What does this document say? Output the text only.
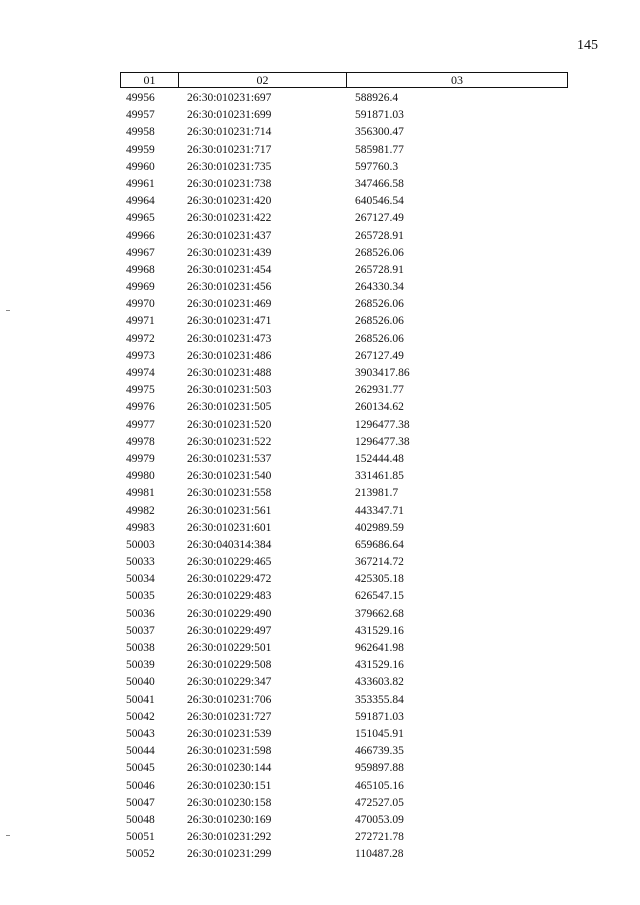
145
01	02	03
49956	26:30:010231:697	588926.4
49957	26:30:010231:699	591871.03
49958	26:30:010231:714	356300.47
49959	26:30:010231:717	585981.77
49960	26:30:010231:735	597760.3
49961	26:30:010231:738	347466.58
49964	26:30:010231:420	640546.54
49965	26:30:010231:422	267127.49
49966	26:30:010231:437	265728.91
49967	26:30:010231:439	268526.06
49968	26:30:010231:454	265728.91
49969	26:30:010231:456	264330.34
49970	26:30:010231:469	268526.06
49971	26:30:010231:471	268526.06
49972	26:30:010231:473	268526.06
49973	26:30:010231:486	267127.49
49974	26:30:010231:488	3903417.86
49975	26:30:010231:503	262931.77
49976	26:30:010231:505	260134.62
49977	26:30:010231:520	1296477.38
49978	26:30:010231:522	1296477.38
49979	26:30:010231:537	152444.48
49980	26:30:010231:540	331461.85
49981	26:30:010231:558	213981.7
49982	26:30:010231:561	443347.71
49983	26:30:010231:601	402989.59
50003	26:30:040314:384	659686.64
50033	26:30:010229:465	367214.72
50034	26:30:010229:472	425305.18
50035	26:30:010229:483	626547.15
50036	26:30:010229:490	379662.68
50037	26:30:010229:497	431529.16
50038	26:30:010229:501	962641.98
50039	26:30:010229:508	431529.16
50040	26:30:010229:347	433603.82
50041	26:30:010231:706	353355.84
50042	26:30:010231:727	591871.03
50043	26:30:010231:539	151045.91
50044	26:30:010231:598	466739.35
50045	26:30:010230:144	959897.88
50046	26:30:010230:151	465105.16
50047	26:30:010230:158	472527.05
50048	26:30:010230:169	470053.09
50051	26:30:010231:292	272721.78
50052	26:30:010231:299	110487.28
